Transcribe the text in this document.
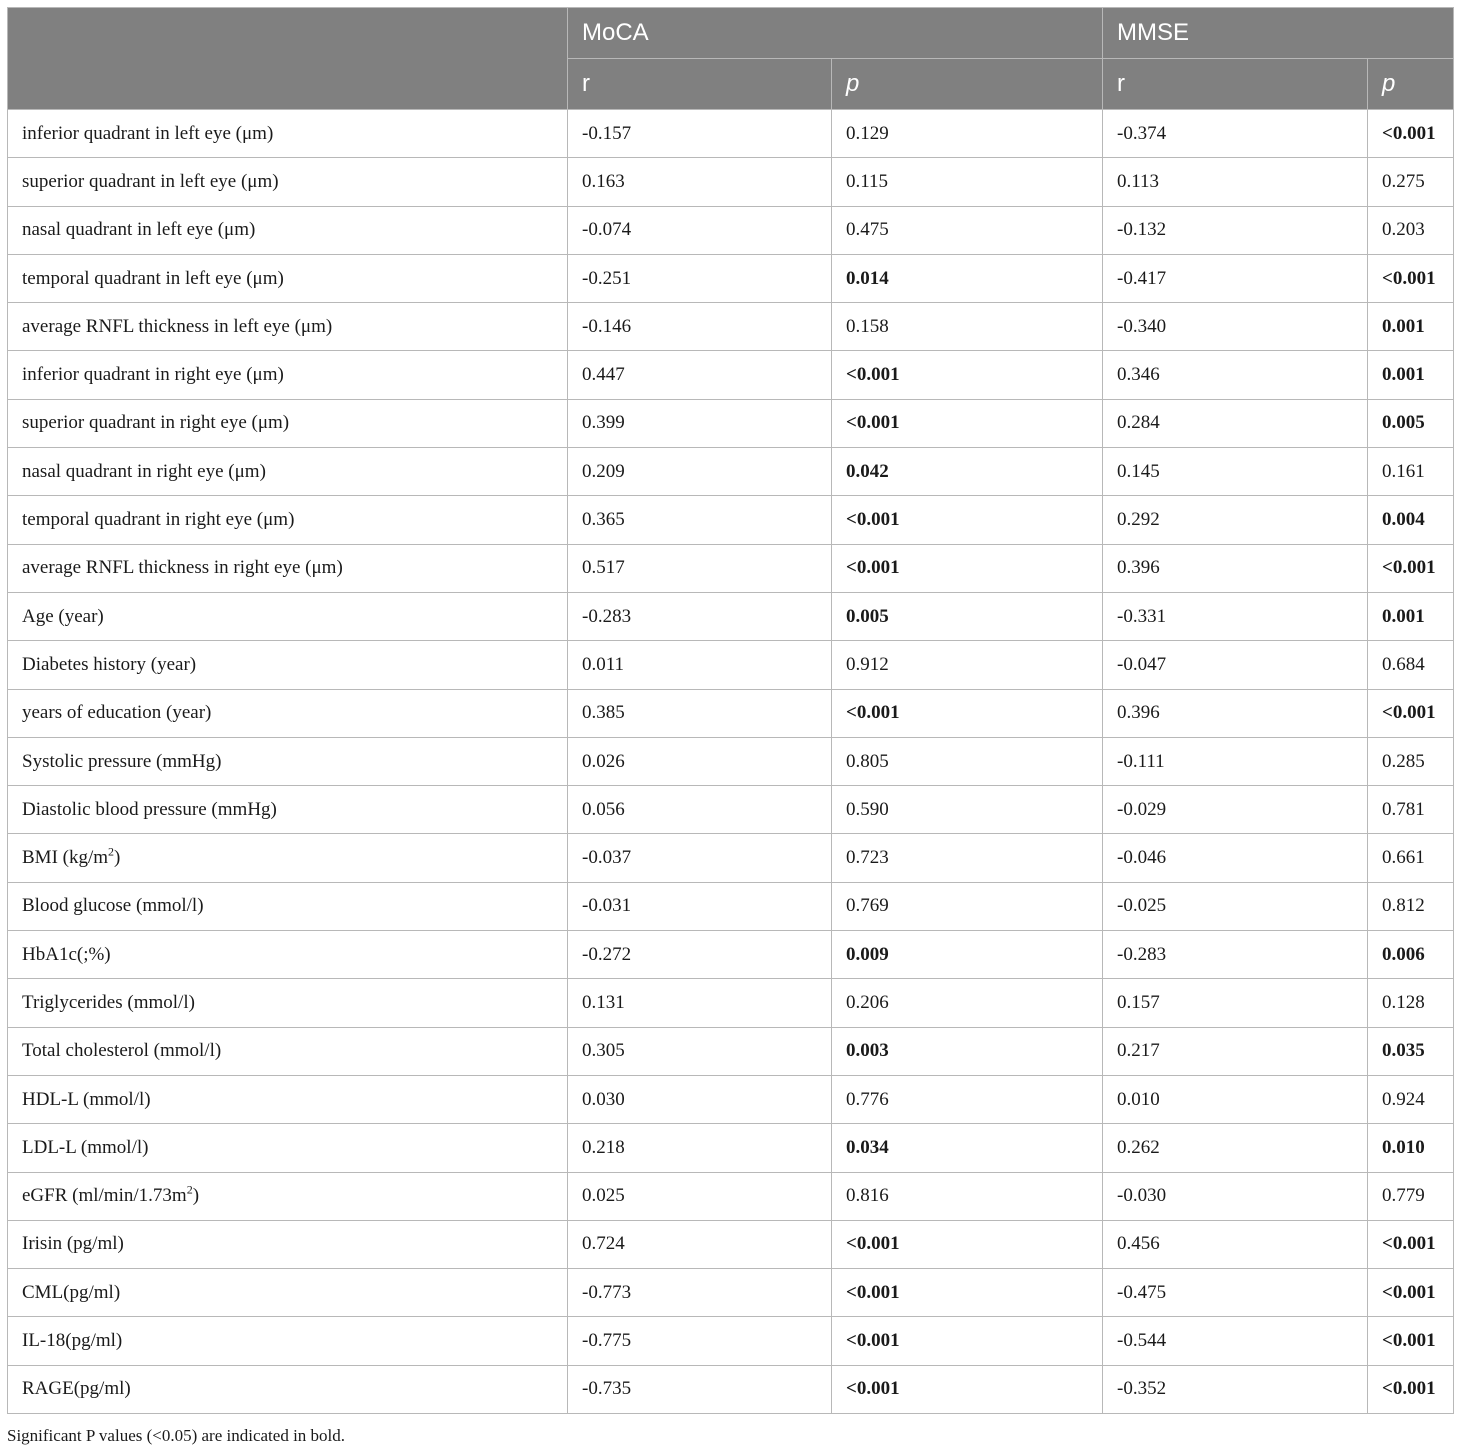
	MoCA		MMSE	
	r	p	r	p
inferior quadrant in left eye (μm)	-0.157	0.129	-0.374	<0.001
superior quadrant in left eye (μm)	0.163	0.115	0.113	0.275
nasal quadrant in left eye (μm)	-0.074	0.475	-0.132	0.203
temporal quadrant in left eye (μm)	-0.251	0.014	-0.417	<0.001
average RNFL thickness in left eye (μm)	-0.146	0.158	-0.340	0.001
inferior quadrant in right eye (μm)	0.447	<0.001	0.346	0.001
superior quadrant in right eye (μm)	0.399	<0.001	0.284	0.005
nasal quadrant in right eye (μm)	0.209	0.042	0.145	0.161
temporal quadrant in right eye (μm)	0.365	<0.001	0.292	0.004
average RNFL thickness in right eye (μm)	0.517	<0.001	0.396	<0.001
Age (year)	-0.283	0.005	-0.331	0.001
Diabetes history (year)	0.011	0.912	-0.047	0.684
years of education (year)	0.385	<0.001	0.396	<0.001
Systolic pressure (mmHg)	0.026	0.805	-0.111	0.285
Diastolic blood pressure (mmHg)	0.056	0.590	-0.029	0.781
BMI $(kg/m^2)$	-0.037	0.723	-0.046	0.661
Blood glucose (mmol/l)	-0.031	0.769	-0.025	0.812
HbA1c(;%)	-0.272	0.009	-0.283	0.006
Triglycerides (mmol/l)	0.131	0.206	0.157	0.128
Total cholesterol (mmol/l)	0.305	0.003	0.217	0.035
HDL-L (mmol/l)	0.030	0.776	0.010	0.924
LDL-L (mmol/l)	0.218	0.034	0.262	0.010
eGFR $(ml/\min/1.73m^2)$	0.025	0.816	-0.030	0.779
Irisin (pg/ml)	0.724	<0.001	0.456	<0.001
CML(pg/ml)	-0.773	<0.001	-0.475	<0.001
IL-18(pg/ml)	-0.775	<0.001	-0.544	<0.001
RAGE(pg/ml)	-0.735	<0.001	-0.352	<0.001
Significant P values (<0.05) are indicated in bold.
